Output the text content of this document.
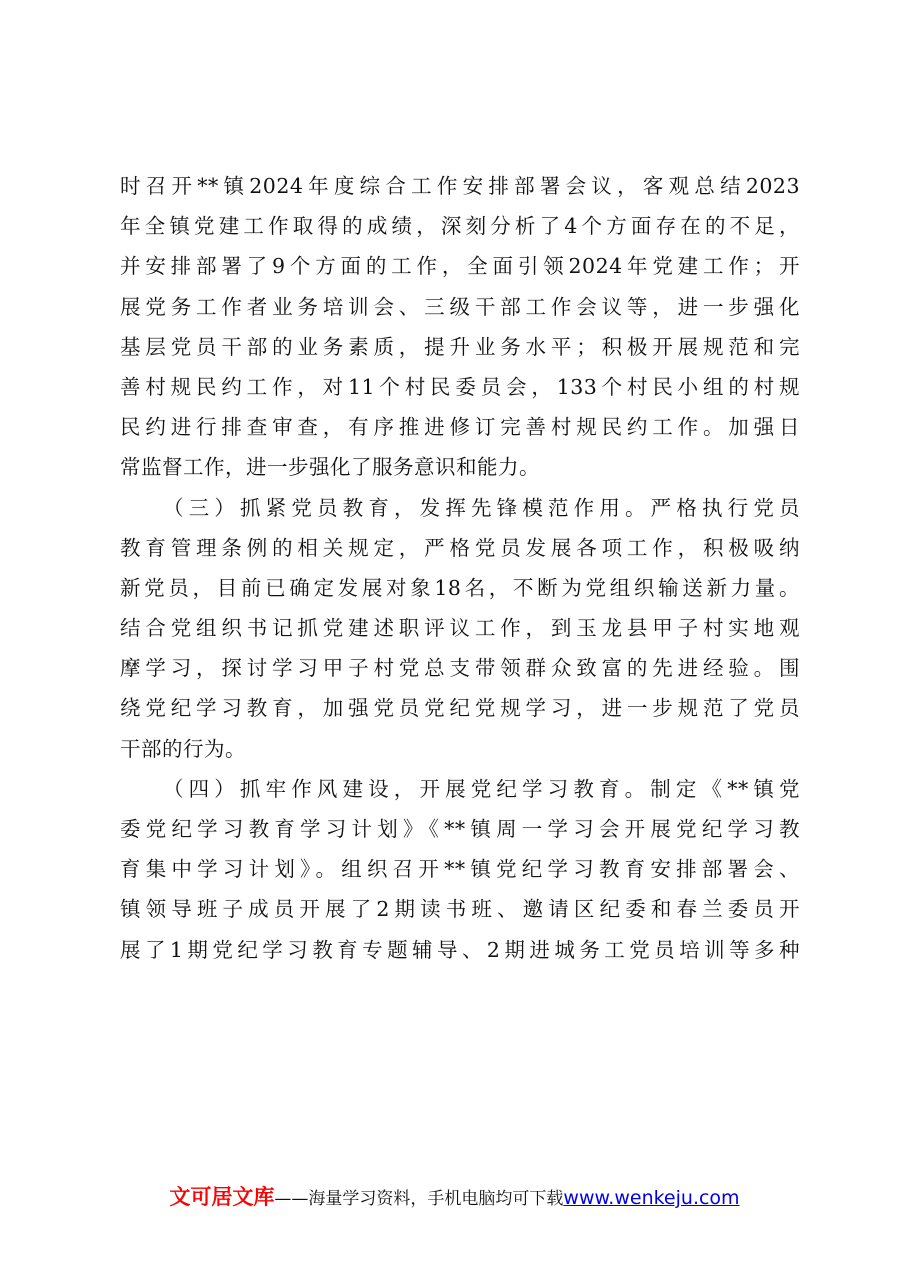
时召开**镇2024年度综合工作安排部署会议，客观总结2023
年全镇党建工作取得的成绩，深刻分析了4个方面存在的不足，
并安排部署了9个方面的工作，全面引领2024年党建工作；开
展党务工作者业务培训会、三级干部工作会议等，进一步强化
基层党员干部的业务素质，提升业务水平；积极开展规范和完
善村规民约工作，对11个村民委员会，133个村民小组的村规
民约进行排查审查，有序推进修订完善村规民约工作。加强日
常监督工作，进一步强化了服务意识和能力。
（三）抓紧党员教育，发挥先锋模范作用。严格执行党员
教育管理条例的相关规定，严格党员发展各项工作，积极吸纳
新党员，目前已确定发展对象18名，不断为党组织输送新力量。
结合党组织书记抓党建述职评议工作，到玉龙县甲子村实地观
摩学习，探讨学习甲子村党总支带领群众致富的先进经验。围
绕党纪学习教育，加强党员党纪党规学习，进一步规范了党员
干部的行为。
（四）抓牢作风建设，开展党纪学习教育。制定《**镇党
委党纪学习教育学习计划》《**镇周一学习会开展党纪学习教
育集中学习计划》。组织召开**镇党纪学习教育安排部署会、
镇领导班子成员开展了2期读书班、邀请区纪委和春兰委员开
展了1期党纪学习教育专题辅导、2期进城务工党员培训等多种
文可居文库——海量学习资料，手机电脑均可下载www.wenkeju.com
